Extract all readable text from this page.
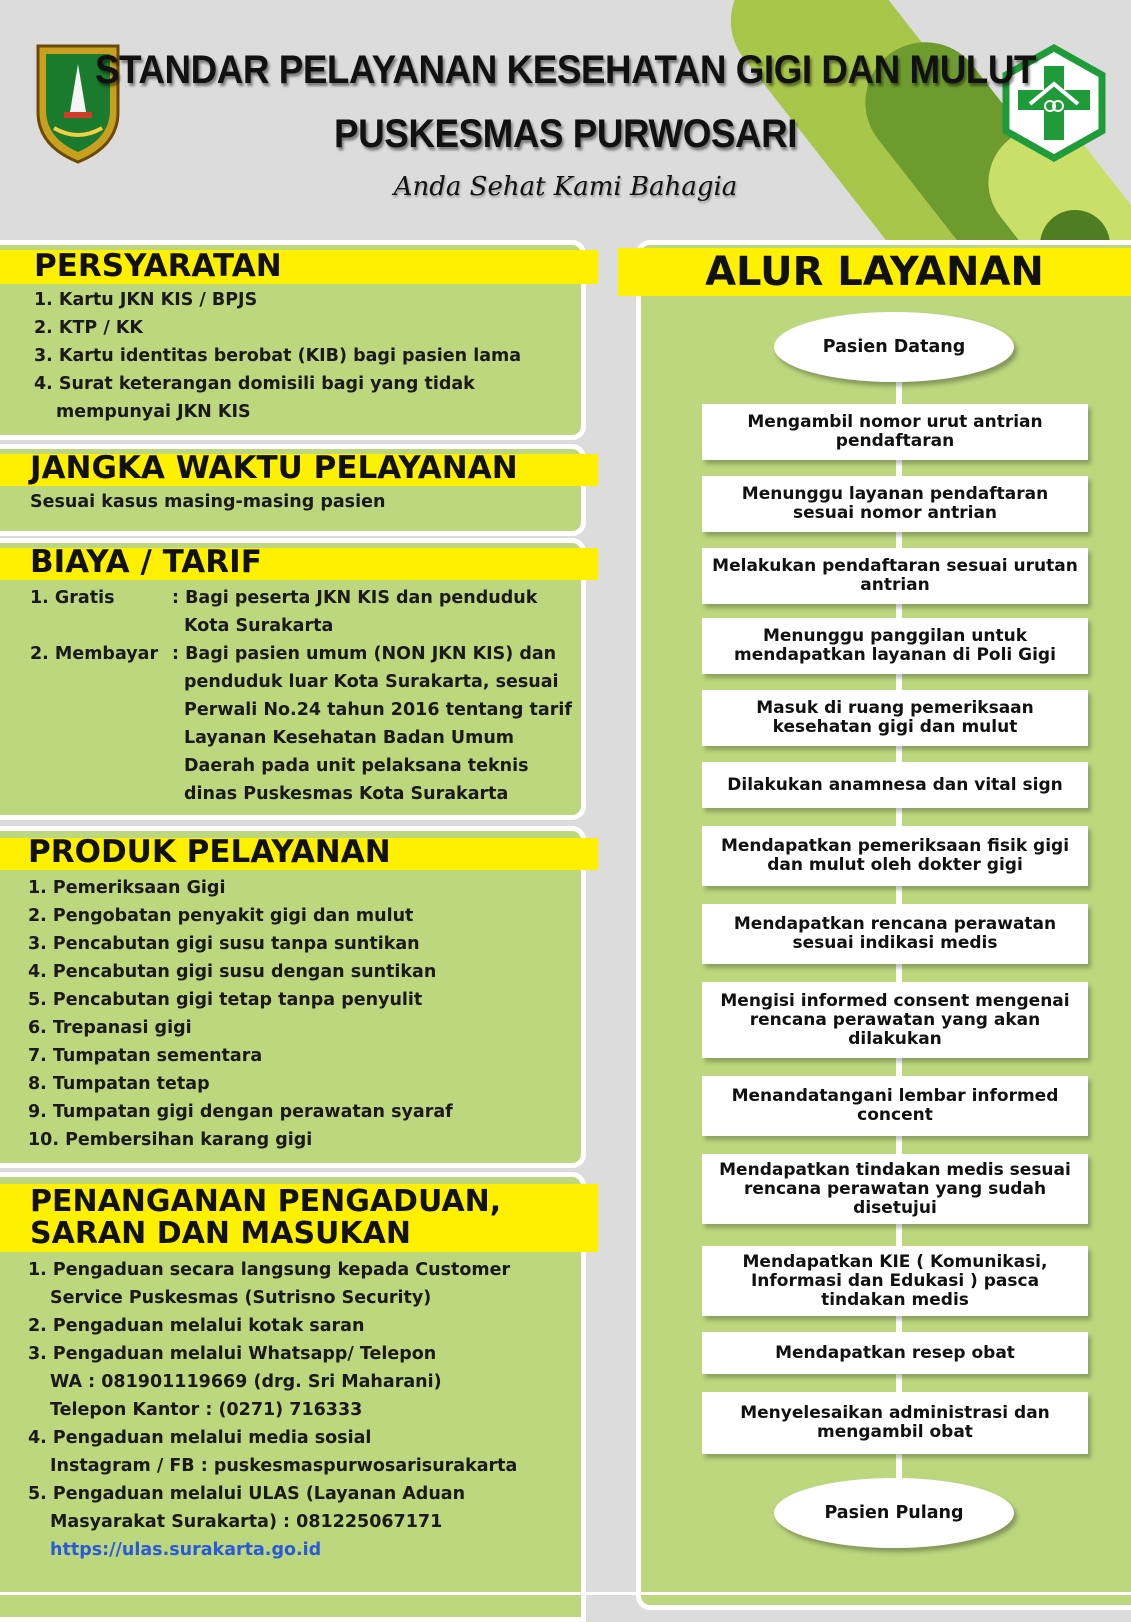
STANDAR PELAYANAN KESEHATAN GIGI DAN MULUT
PUSKESMAS PURWOSARI
Anda Sehat Kami Bahagia
PERSYARATAN

1. Kartu JKN KIS / BPJS

2. KTP / KK

3. Kartu identitas berobat (KIB) bagi pasien lama

4. Surat keterangan domisili bagi yang tidak

mempunyai JKN KIS

JANGKA WAKTU PELAYANAN
Sesuai kasus masing-masing pasien
BIAYA / TARIF
1. Gratis	: Bagi peserta JKN KIS dan penduduk

Kota Surakarta

2. Membayar : Bagi pasien umum (NON JKN KIS) dan

penduduk luar Kota Surakarta, sesuai

Perwali No.24 tahun 2016 tentang tarif

Layanan Kesehatan Badan Umum

Daerah pada unit pelaksana teknis

dinas Puskesmas Kota Surakarta

PRODUK PELAYANAN

1. Pemeriksaan Gigi

2. Pengobatan penyakit gigi dan mulut

3. Pencabutan gigi susu tanpa suntikan

4. Pencabutan gigi susu dengan suntikan

5. Pencabutan gigi tetap tanpa penyulit

6. Trepanasi gigi

7. Tumpatan sementara

8. Tumpatan tetap

9. Tumpatan gigi dengan perawatan syaraf

10. Pembersihan karang gigi

PENANGANAN PENGADUAN,
SARAN DAN MASUKAN

1. Pengaduan secara langsung kepada Customer

Service Puskesmas (Sutrisno Security)

2. Pengaduan melalui kotak saran

3. Pengaduan melalui Whatsapp/ Telepon

WA : 081901119669 (drg. Sri Maharani)

Telepon Kantor : (0271) 716333

4. Pengaduan melalui media sosial

Instagram / FB : puskesmaspurwosarisurakarta

5. Pengaduan melalui ULAS (Layanan Aduan

Masyarakat Surakarta) : 081225067171

https://ulas.surakarta.go.id

ALUR LAYANAN
Pasien Datang
Mengambil nomor urut antrian pendaftaran
Menunggu layanan pendaftaran sesuai nomor antrian
Melakukan pendaftaran sesuai urutan antrian
Menunggu panggilan untuk mendapatkan layanan di Poli Gigi
Masuk di ruang pemeriksaan kesehatan gigi dan mulut
Dilakukan anamnesa dan vital sign
Mendapatkan pemeriksaan fisik gigi dan mulut oleh dokter gigi
Mendapatkan rencana perawatan sesuai indikasi medis
Mengisi informed consent mengenai rencana perawatan yang akan dilakukan
Menandatangani lembar informed concent
Mendapatkan tindakan medis sesuai rencana perawatan yang sudah disetujui
Mendapatkan KIE ( Komunikasi, Informasi dan Edukasi ) pasca tindakan medis
Mendapatkan resep obat
Menyelesaikan administrasi dan mengambil obat
Pasien Pulang
